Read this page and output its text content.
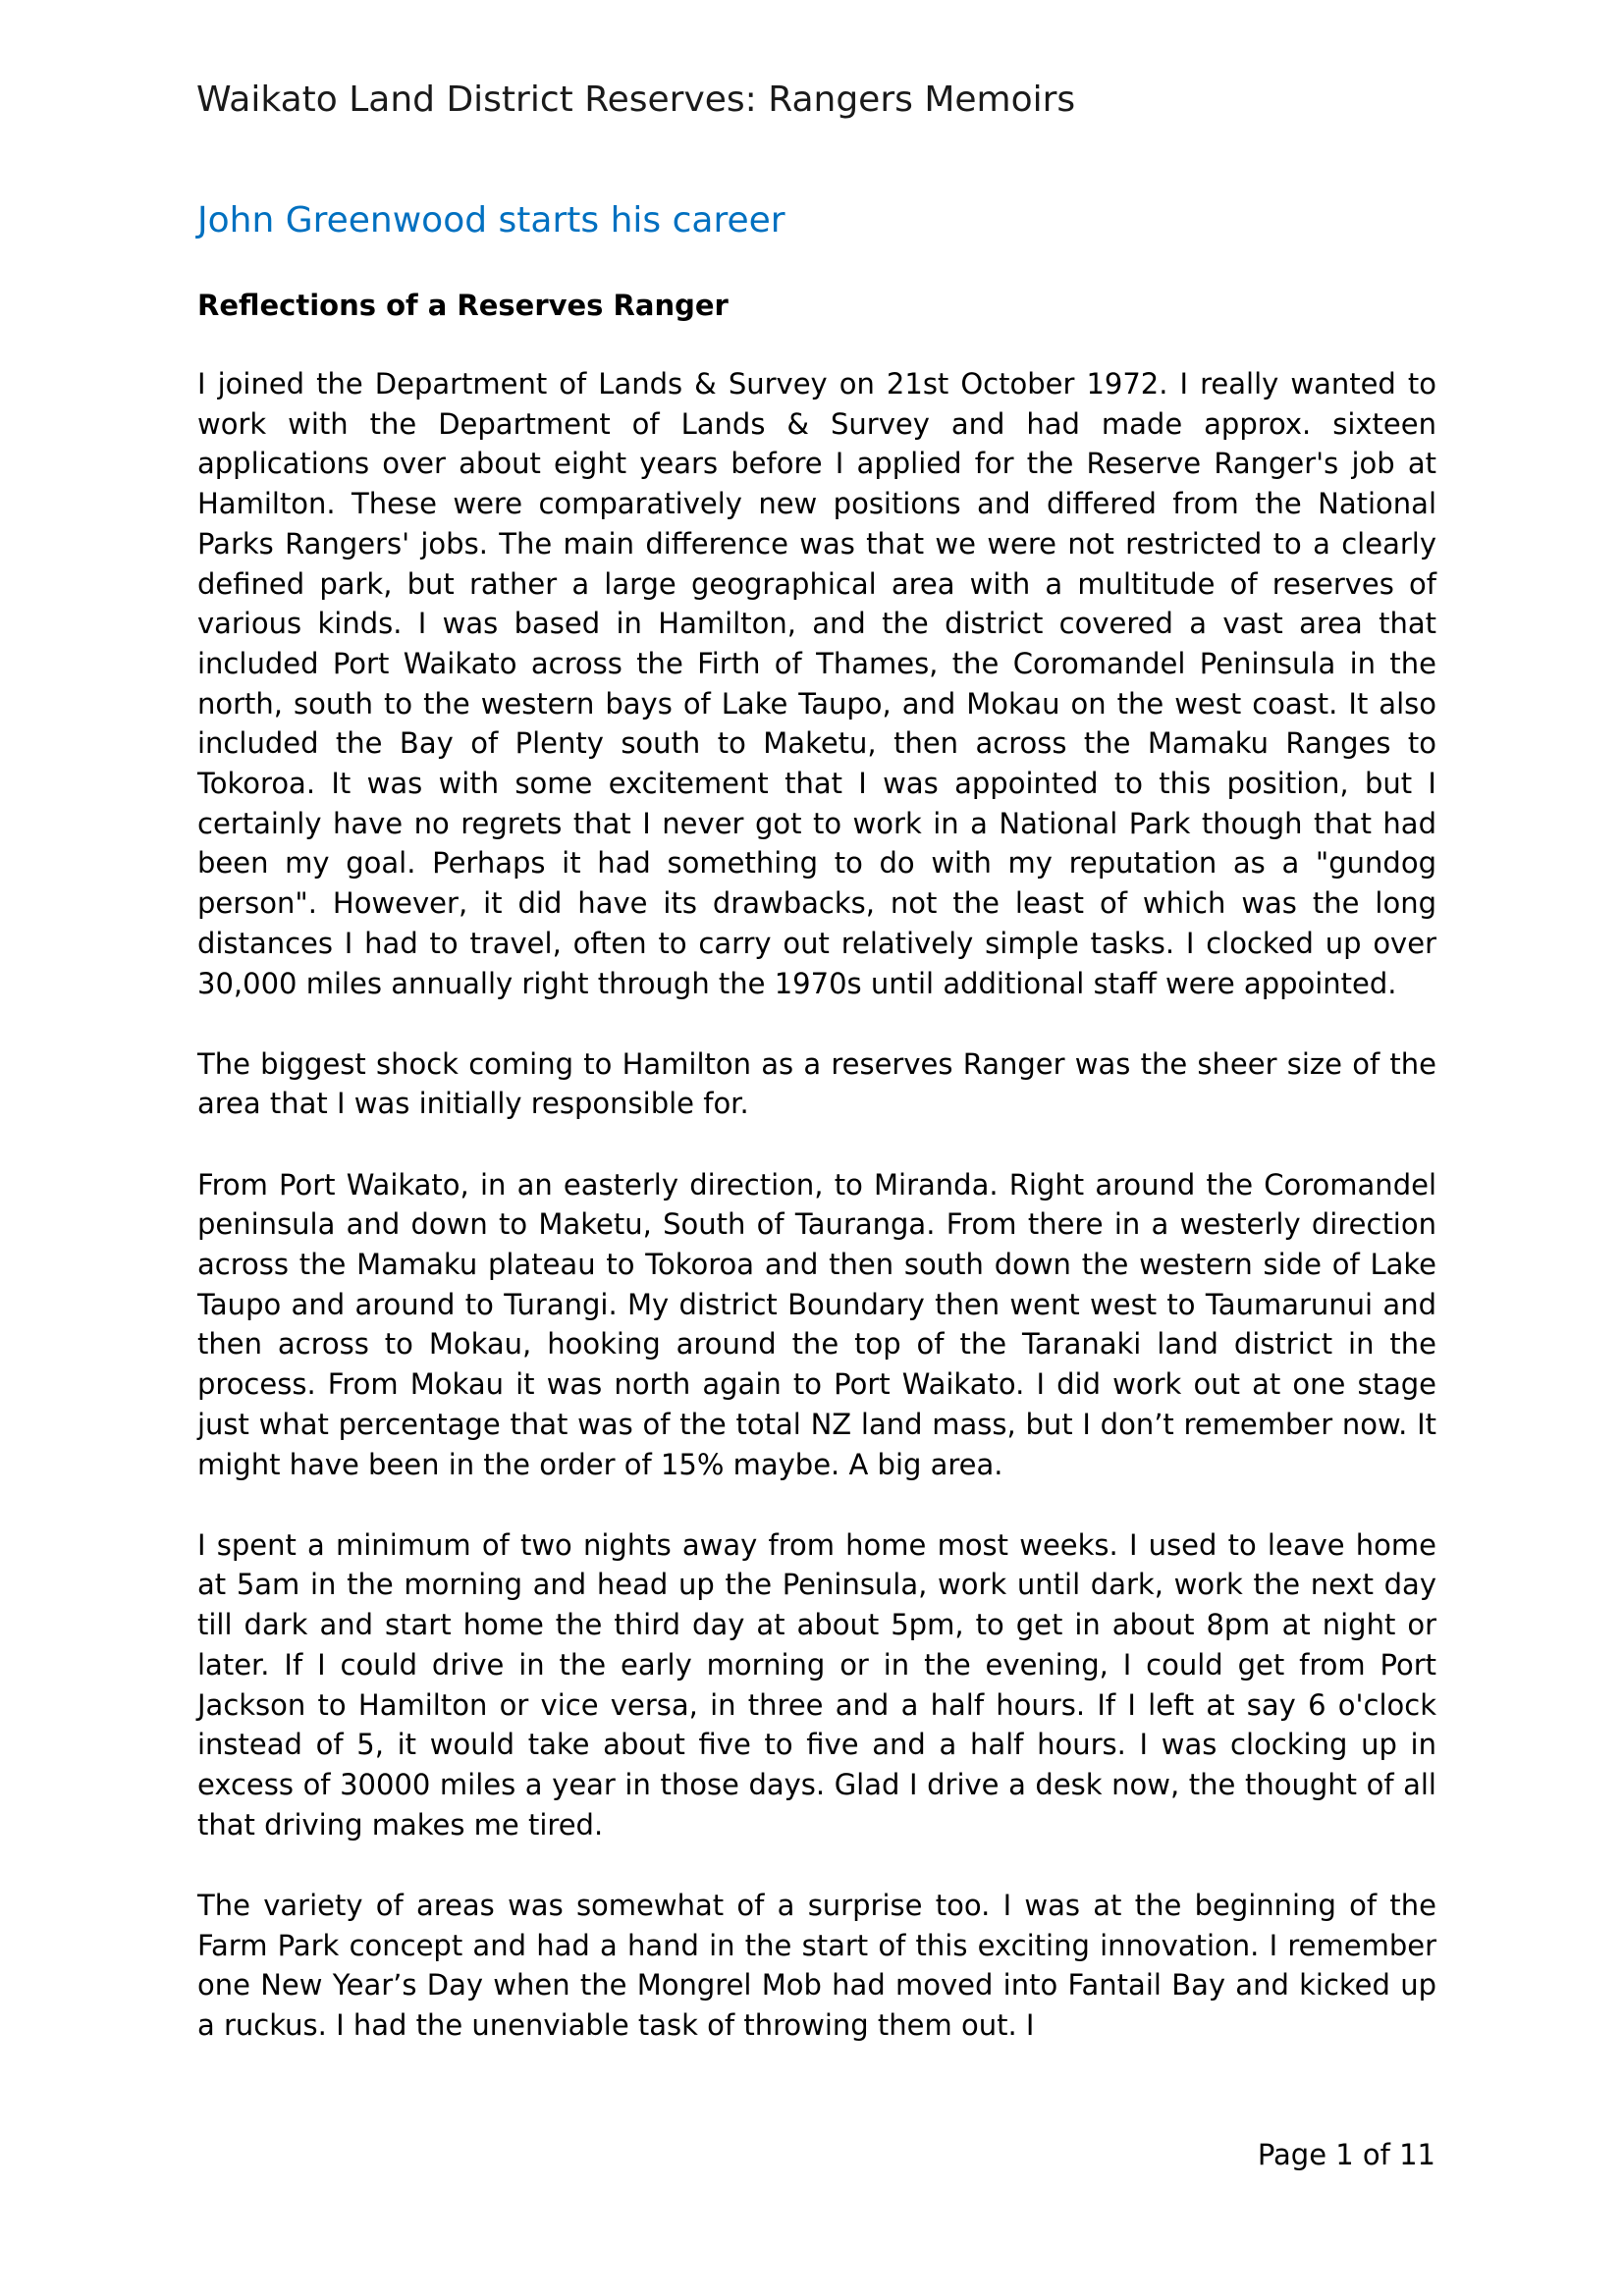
Waikato Land District Reserves: Rangers Memoirs
John Greenwood starts his career
Reflections of a Reserves Ranger

I joined the Department of Lands & Survey on 21st October 1972. I really wanted to work with the Department of Lands & Survey and had made approx. sixteen applications over about eight years before I applied for the Reserve Ranger's job at Hamilton. These were comparatively new positions and differed from the National Parks Rangers' jobs. The main difference was that we were not restricted to a clearly defined park, but rather a large geographical area with a multitude of reserves of various kinds. I was based in Hamilton, and the district covered a vast area that included Port Waikato across the Firth of Thames, the Coromandel Peninsula in the north, south to the western bays of Lake Taupo, and Mokau on the west coast. It also included the Bay of Plenty south to Maketu, then across the Mamaku Ranges to Tokoroa. It was with some excitement that I was appointed to this position, but I certainly have no regrets that I never got to work in a National Park though that had been my goal. Perhaps it had something to do with my reputation as a "gundog person". However, it did have its drawbacks, not the least of which was the long distances I had to travel, often to carry out relatively simple tasks. I clocked up over 30,000 miles annually right through the 1970s until additional staff were appointed.

The biggest shock coming to Hamilton as a reserves Ranger was the sheer size of the area that I was initially responsible for.

From Port Waikato, in an easterly direction, to Miranda. Right around the Coromandel peninsula and down to Maketu, South of Tauranga. From there in a westerly direction across the Mamaku plateau to Tokoroa and then south down the western side of Lake Taupo and around to Turangi. My district Boundary then went west to Taumarunui and then across to Mokau, hooking around the top of the Taranaki land district in the process. From Mokau it was north again to Port Waikato. I did work out at one stage just what percentage that was of the total NZ land mass, but I don’t remember now. It might have been in the order of 15% maybe. A big area.

I spent a minimum of two nights away from home most weeks. I used to leave home at 5am in the morning and head up the Peninsula, work until dark, work the next day till dark and start home the third day at about 5pm, to get in about 8pm at night or later. If I could drive in the early morning or in the evening, I could get from Port Jackson to Hamilton or vice versa, in three and a half hours. If I left at say 6 o'clock instead of 5, it would take about five to five and a half hours. I was clocking up in excess of 30000 miles a year in those days. Glad I drive a desk now, the thought of all that driving makes me tired.

The variety of areas was somewhat of a surprise too. I was at the beginning of the Farm Park concept and had a hand in the start of this exciting innovation. I remember one New Year’s Day when the Mongrel Mob had moved into Fantail Bay and kicked up a ruckus. I had the unenviable task of throwing them out. I

Page 1 of 11
